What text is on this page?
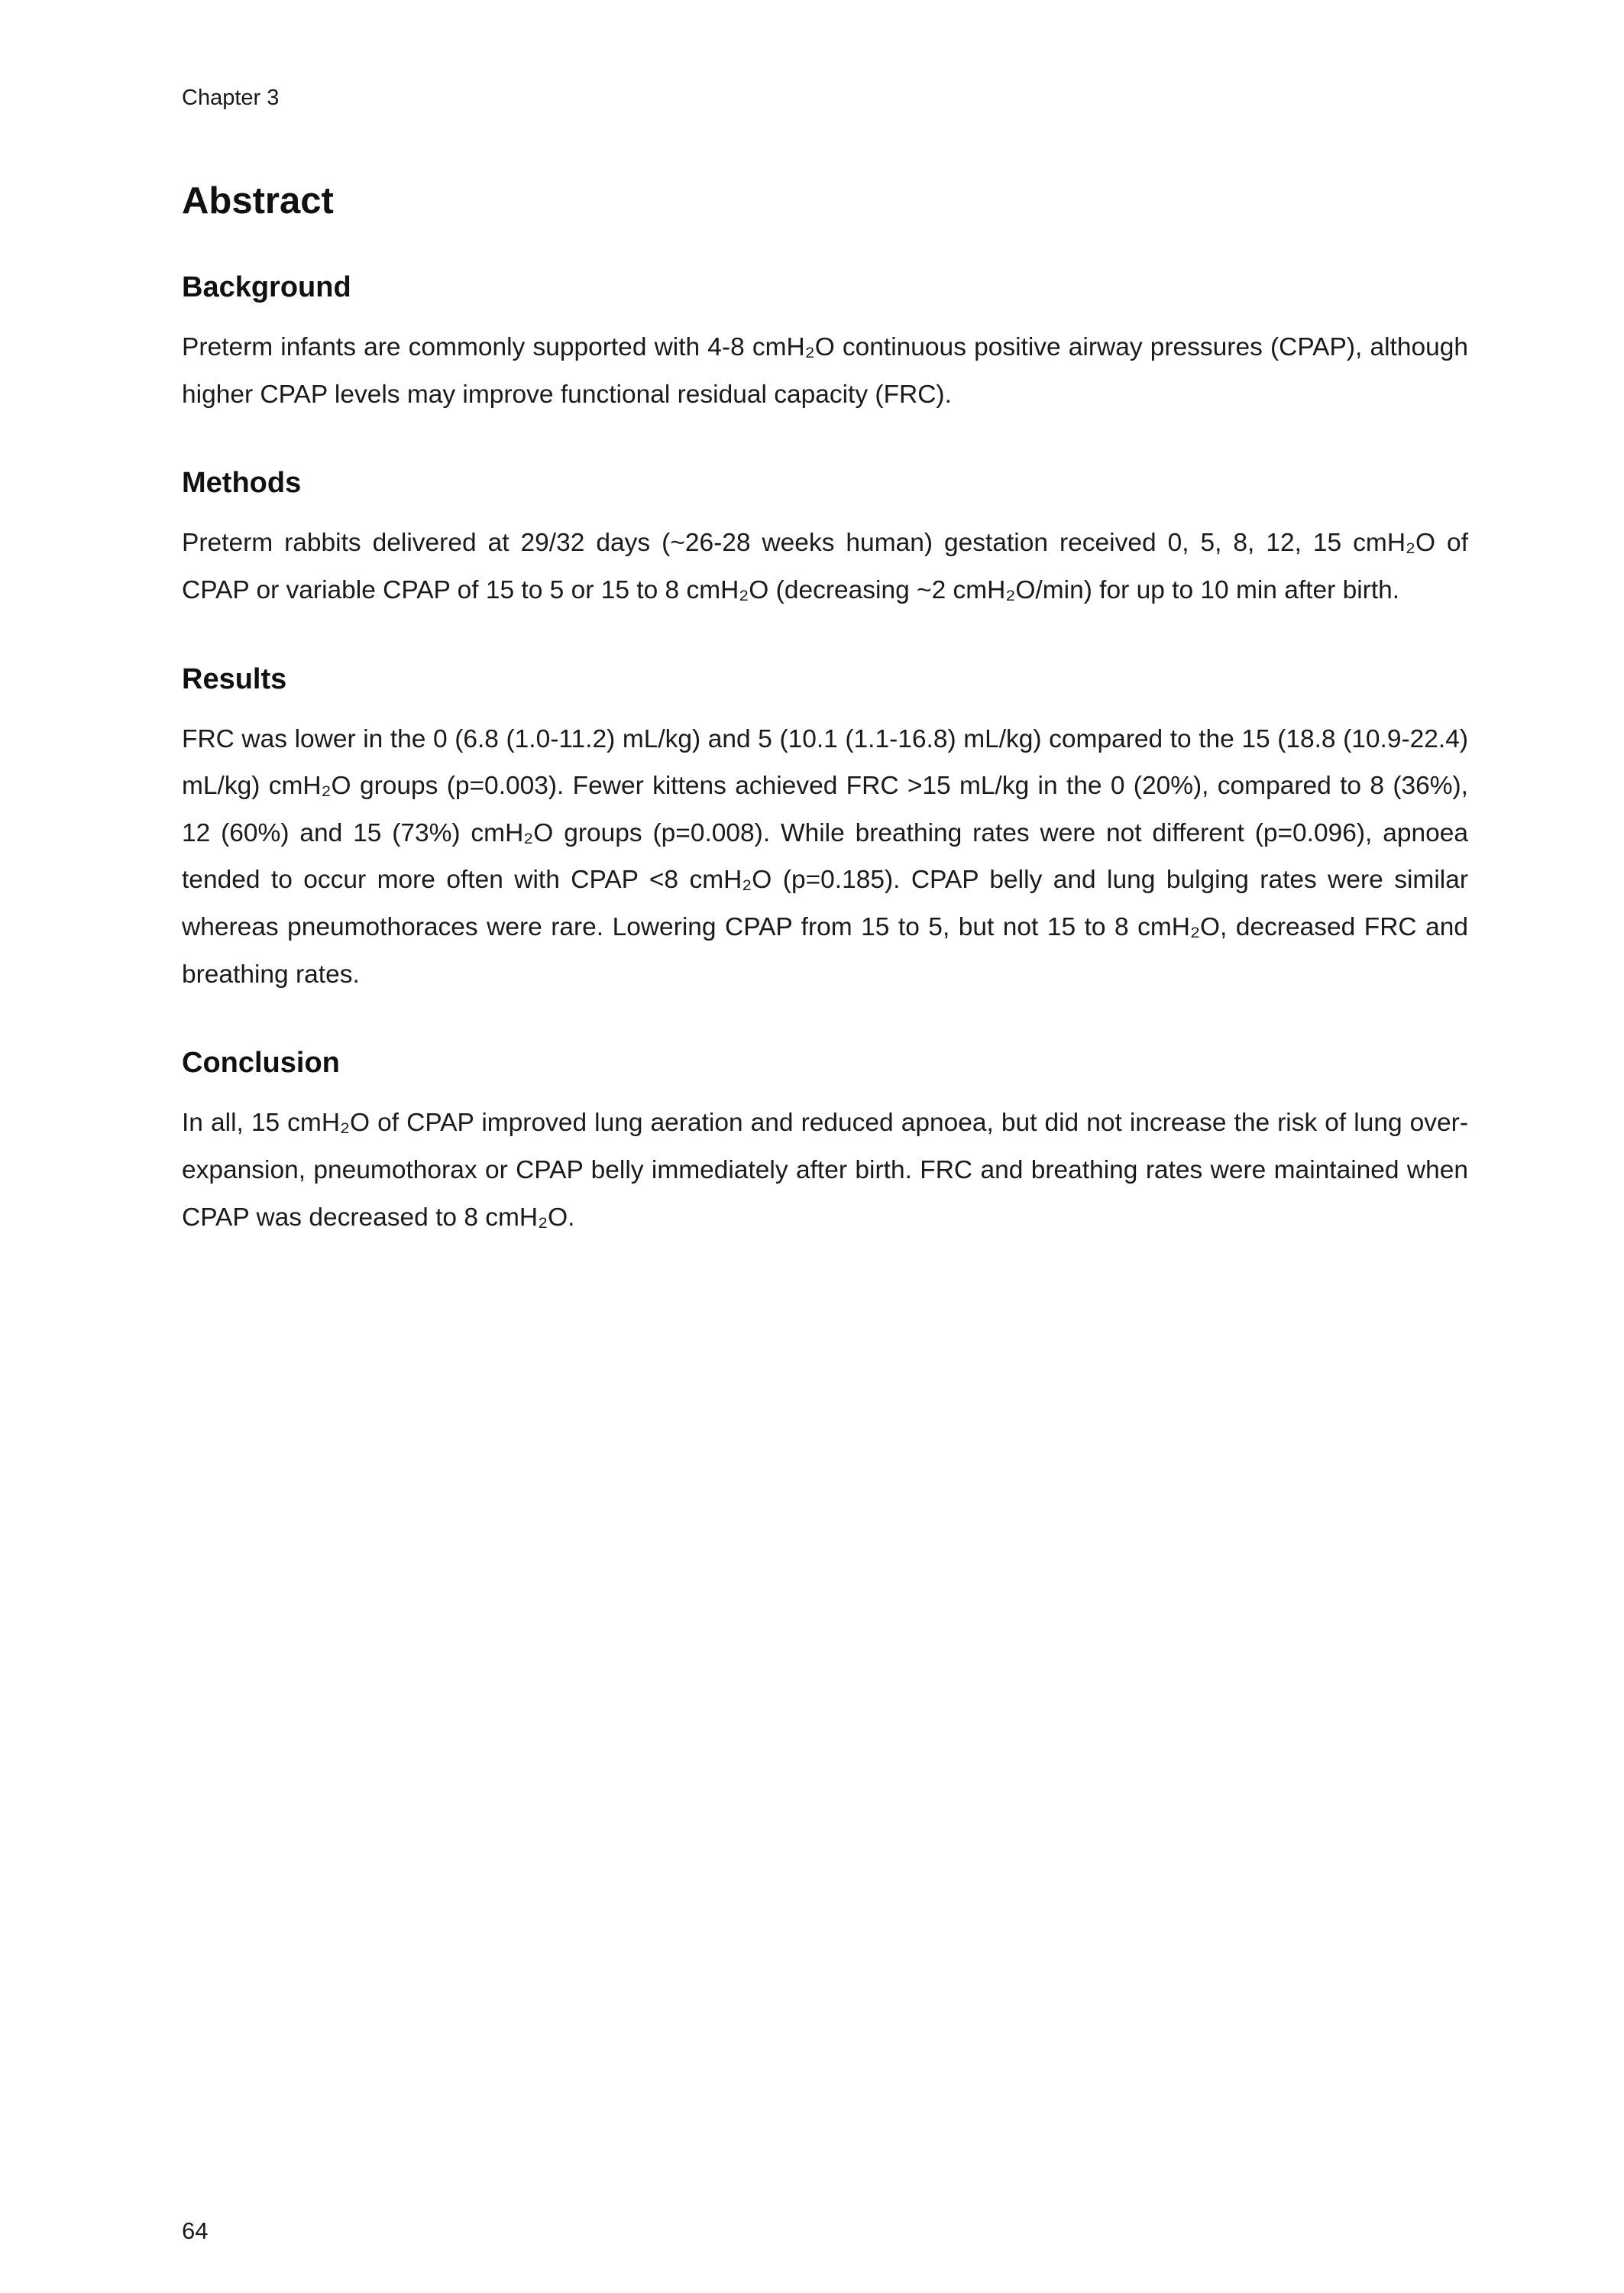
Chapter 3
Abstract
Background

Preterm infants are commonly supported with 4-8 cmH₂O continuous positive airway pressures (CPAP), although higher CPAP levels may improve functional residual capacity (FRC).

Methods

Preterm rabbits delivered at 29/32 days (~26-28 weeks human) gestation received 0, 5, 8, 12, 15 cmH₂O of CPAP or variable CPAP of 15 to 5 or 15 to 8 cmH₂O (decreasing ~2 cmH₂O/min) for up to 10 min after birth.

Results

FRC was lower in the 0 (6.8 (1.0-11.2) mL/kg) and 5 (10.1 (1.1-16.8) mL/kg) compared to the 15 (18.8 (10.9-22.4) mL/kg) cmH₂O groups (p=0.003). Fewer kittens achieved FRC >15 mL/kg in the 0 (20%), compared to 8 (36%), 12 (60%) and 15 (73%) cmH₂O groups (p=0.008). While breathing rates were not different (p=0.096), apnoea tended to occur more often with CPAP <8 cmH₂O (p=0.185). CPAP belly and lung bulging rates were similar whereas pneumothoraces were rare. Lowering CPAP from 15 to 5, but not 15 to 8 cmH₂O, decreased FRC and breathing rates.

Conclusion

In all, 15 cmH₂O of CPAP improved lung aeration and reduced apnoea, but did not increase the risk of lung over-expansion, pneumothorax or CPAP belly immediately after birth. FRC and breathing rates were maintained when CPAP was decreased to 8 cmH₂O.

64
